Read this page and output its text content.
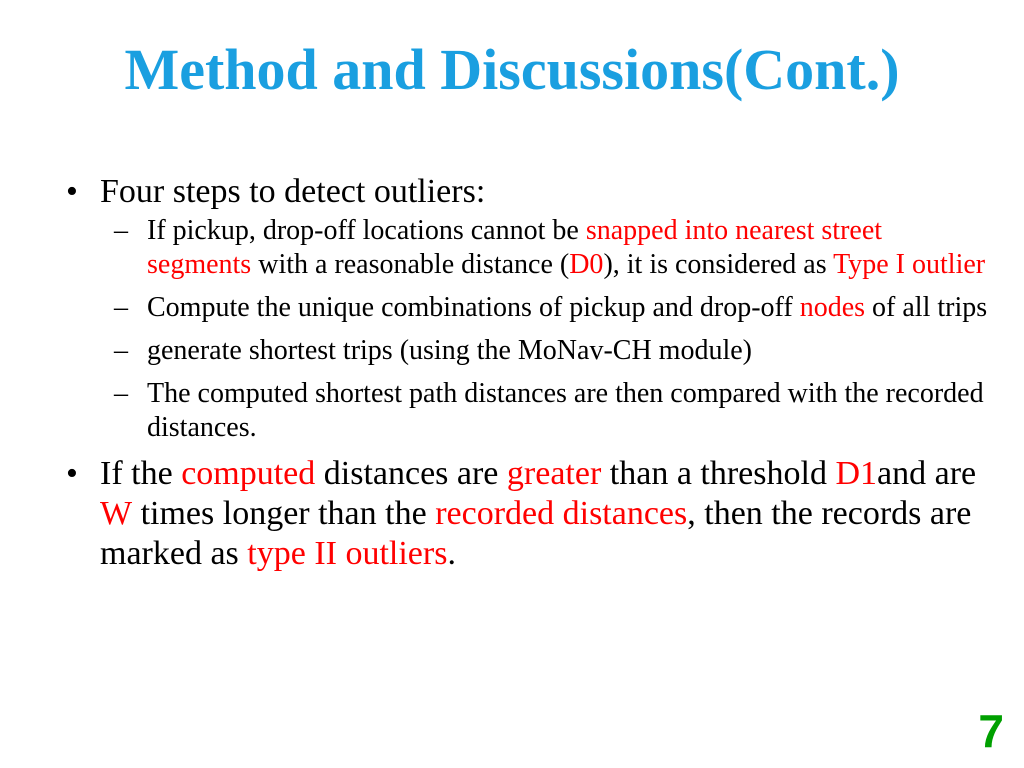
Method and Discussions(Cont.)
• Four steps to detect outliers:
– If pickup, drop-off locations cannot be snapped into nearest street segments with a reasonable distance (D0), it is considered as Type I outlier
– Compute the unique combinations of pickup and drop-off nodes of all trips
– generate shortest trips (using the MoNav-CH module)
– The computed shortest path distances are then compared with the recorded distances.
• If the computed distances are greater than a threshold D1and are W times longer than the recorded distances, then the records are marked as type II outliers.
7
